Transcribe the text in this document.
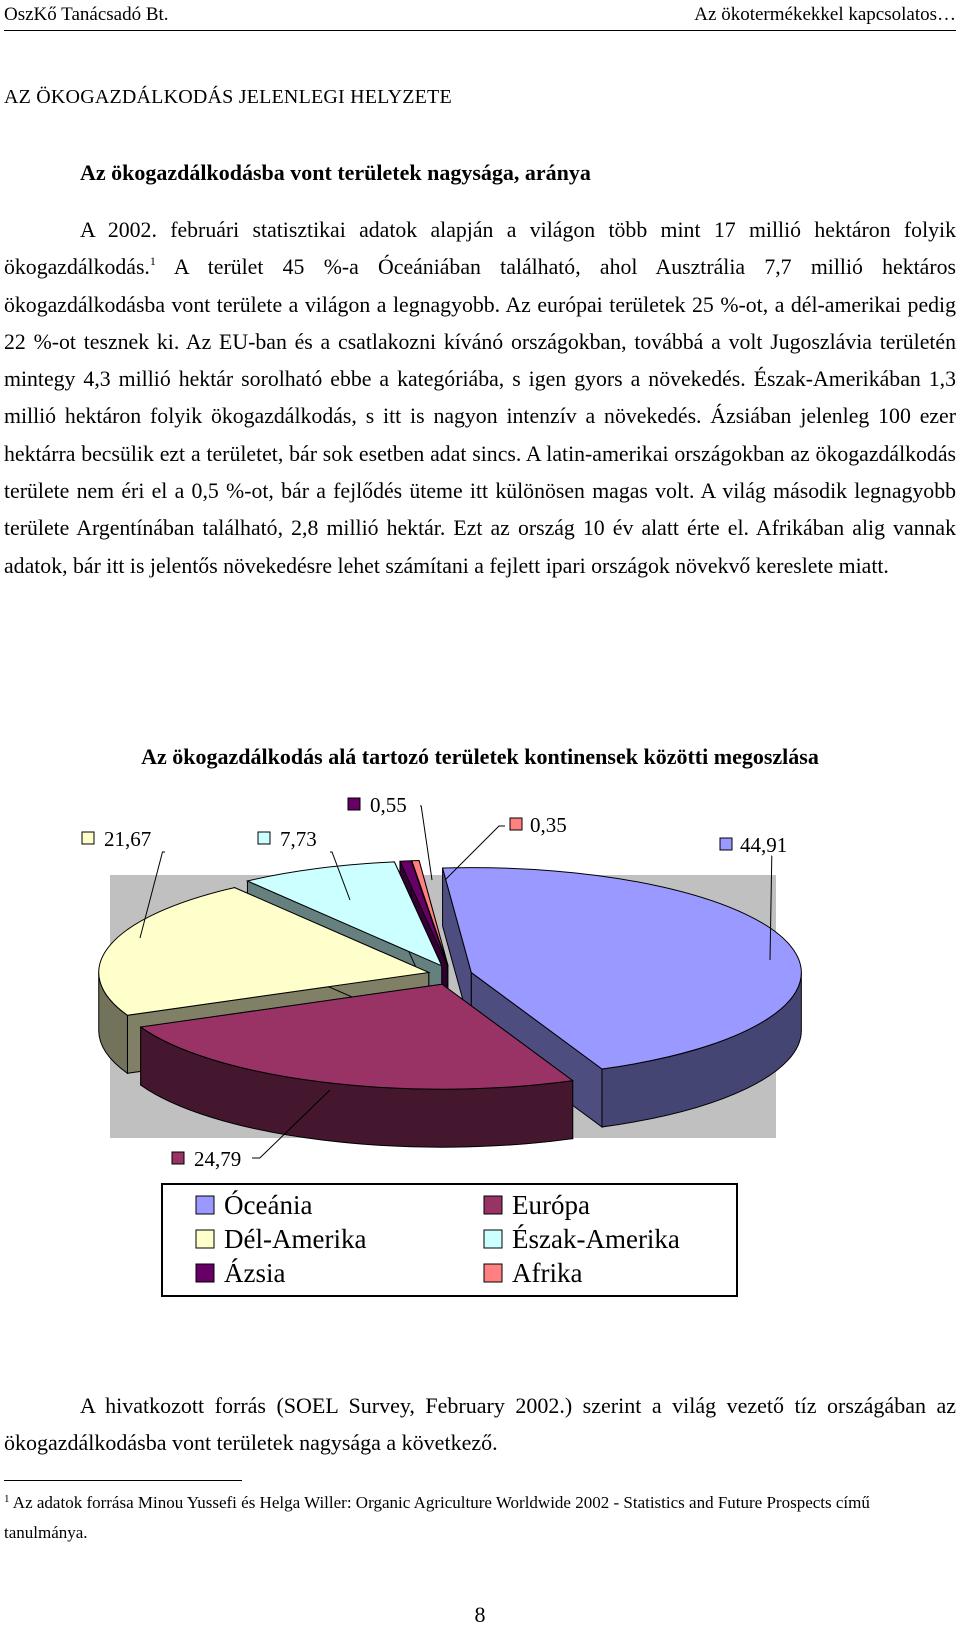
OszKő Tanácsadó Bt.	Az ökotermékekkel kapcsolatos…
AZ ÖKOGAZDÁLKODÁS JELENLEGI HELYZETE
Az ökogazdálkodásba vont területek nagysága, aránya

A 2002. februári statisztikai adatok alapján a világon több mint 17 millió hektáron folyik ökogazdálkodás.$^1$ A terület 45 %-a Óceániában található, ahol Ausztrália 7,7 millió hektáros ökogazdálkodásba vont területe a világon a legnagyobb. Az európai területek 25 %-ot, a dél-amerikai pedig 22 %-ot tesznek ki. Az EU-ban és a csatlakozni kívánó országokban, továbbá a volt Jugoszlávia területén mintegy 4,3 millió hektár sorolható ebbe a kategóriába, s igen gyors a növekedés. Észak-Amerikában 1,3 millió hektáron folyik ökogazdálkodás, s itt is nagyon intenzív a növekedés. Ázsiában jelenleg 100 ezer hektárra becsülik ezt a területet, bár sok esetben adat sincs. A latin-amerikai országokban az ökogazdálkodás területe nem éri el a 0,5 %-ot, bár a fejlődés üteme itt különösen magas volt. A világ második legnagyobb területe Argentínában található, 2,8 millió hektár. Ezt az ország 10 év alatt érte el. Afrikában alig vannak adatok, bár itt is jelentős növekedésre lehet számítani a fejlett ipari országok növekvő kereslete miatt.

Az ökogazdálkodás alá tartozó területek kontinensek közötti megoszlása
44,91
24,79
21,67	7,73
0,55
0,35
Óceánia	Európa
Dél-Amerika	Észak-Amerika
Ázsia	Afrika

A hivatkozott forrás (SOEL Survey, February 2002.) szerint a világ vezető tíz országában az ökogazdálkodásba vont területek nagysága a következő.

$^1$ Az adatok forrása Minou Yussefi és Helga Willer: Organic Agriculture Worldwide 2002 - Statistics and Future Prospects című tanulmánya.

8
